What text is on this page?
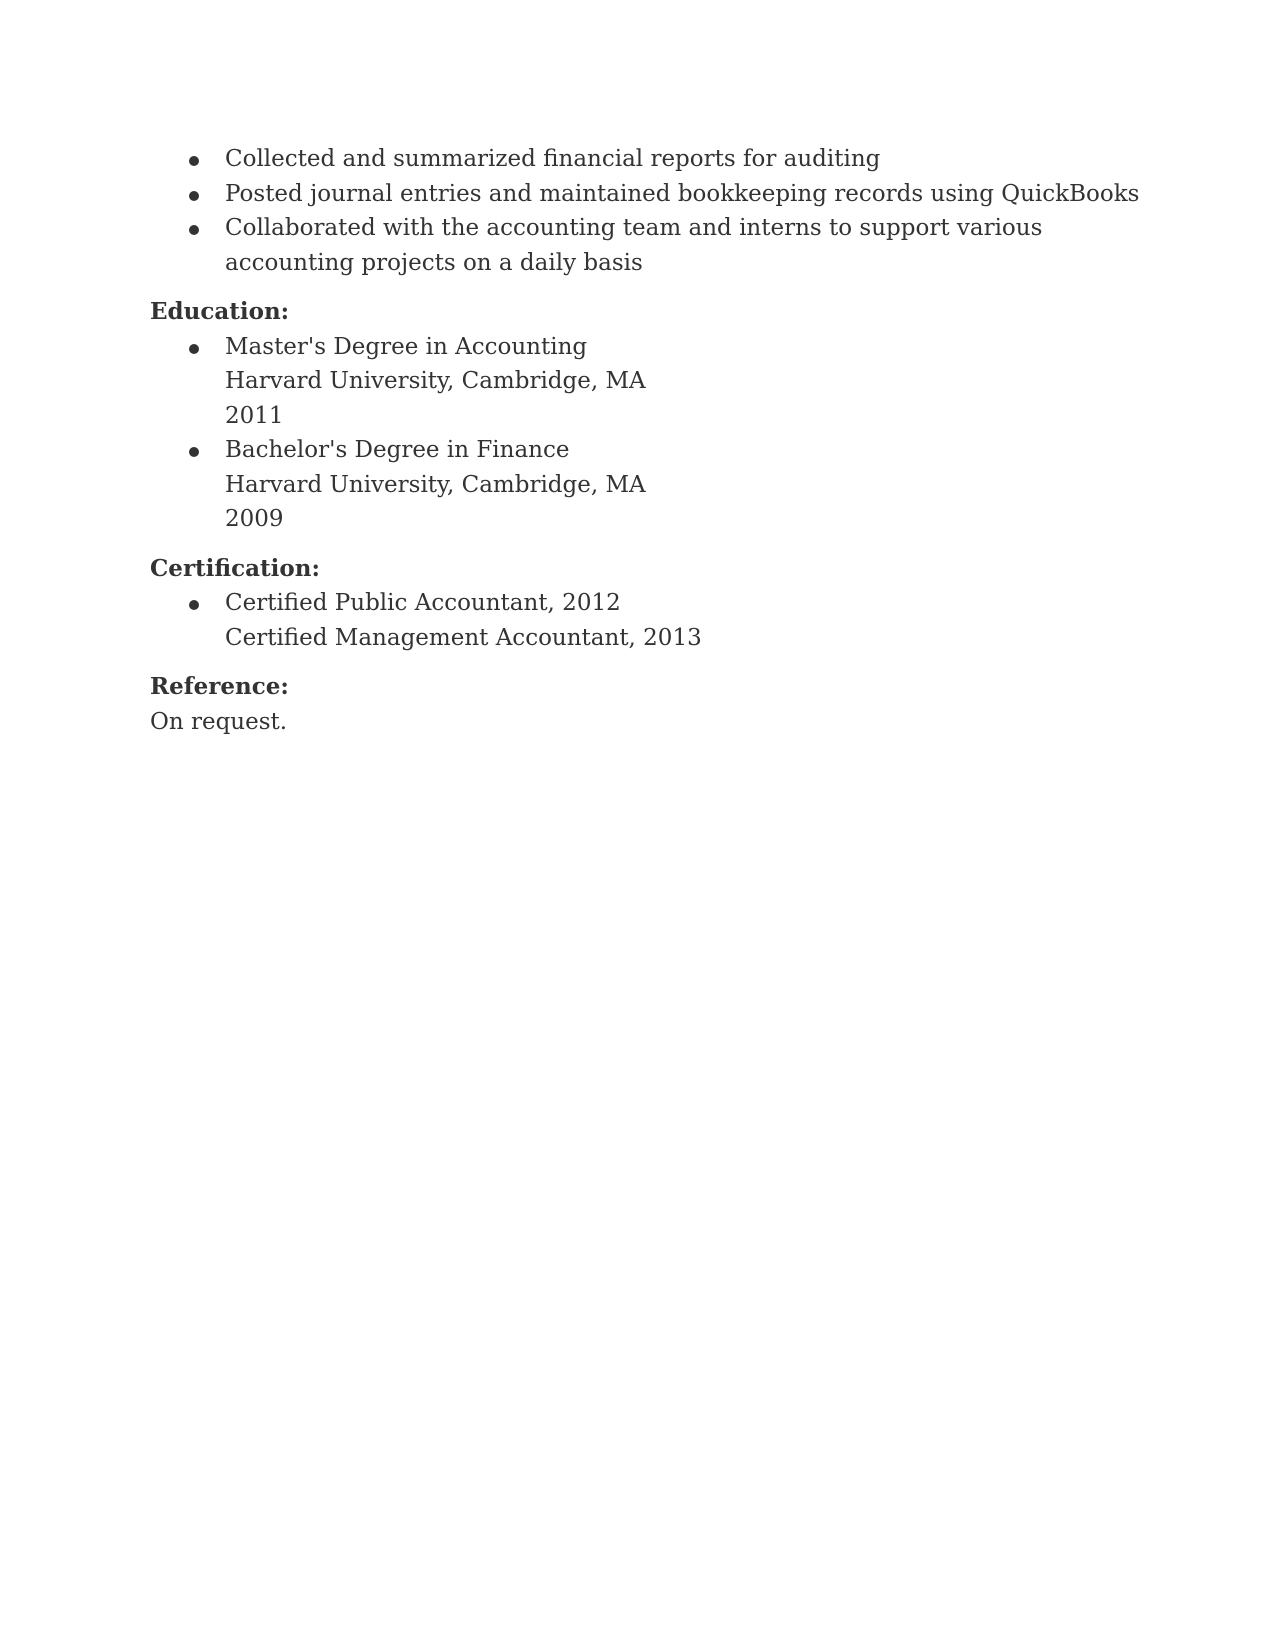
Collected and summarized financial reports for auditing
Posted journal entries and maintained bookkeeping records using QuickBooks
Collaborated with the accounting team and interns to support various accounting projects on a daily basis
Education:
Master's Degree in Accounting
Harvard University, Cambridge, MA
2011
Bachelor's Degree in Finance
Harvard University, Cambridge, MA
2009
Certification:
Certified Public Accountant, 2012
Certified Management Accountant, 2013
Reference:
On request.
